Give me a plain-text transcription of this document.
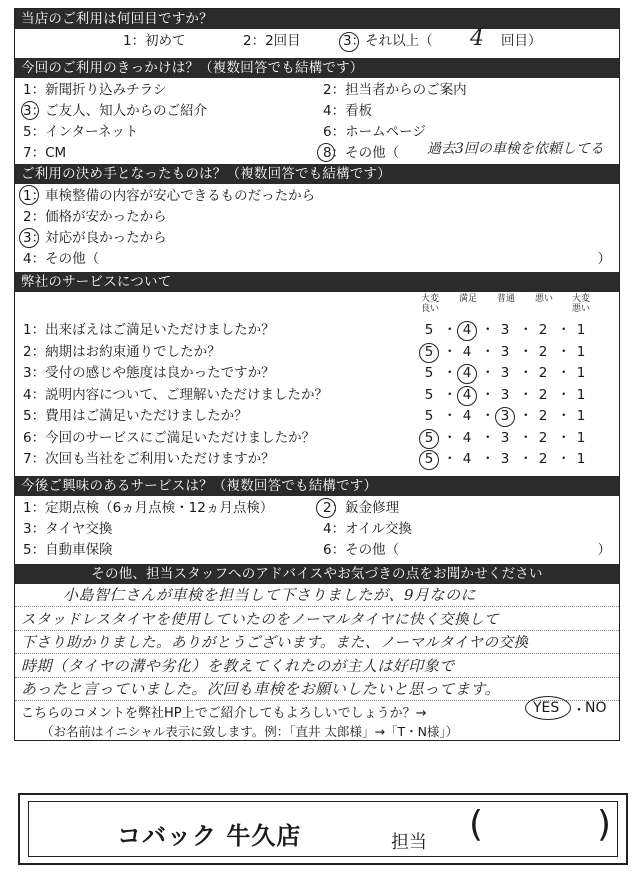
当店のご利用は何回目ですか？
1：初めて	2：2回目	3：それ以上（ 4 回目）
今回のご利用のきっかけは？（複数回答でも結構です）
1：新聞折り込みチラシ	2：担当者からのご案内
3：ご友人、知人からのご紹介	4：看板
5：インターネット	6：ホームページ
7：CM	8：その他（ 過去3回の車検を依頼してる
ご利用の決め手となったものは？（複数回答でも結構です）
1：車検整備の内容が安心できるものだったから
2：価格が安かったから
3：対応が良かったから
4：その他（	）
弊社のサービスについて
大変良い
満足 普通 悪い 大変悪い
1：出来ばえはご満足いただけましたか？	5 ・ 4 ・ 3 ・ 2 ・ 1
2：納期はお約束通りでしたか？	5 ・ 4 ・ 3 ・ 2 ・ 1
3：受付の感じや態度は良かったですか？	5 ・ 4 ・ 3 ・ 2 ・ 1
4：説明内容について、ご理解いただけましたか？	5 ・ 4 ・ 3 ・ 2 ・ 1
5：費用はご満足いただけましたか？	5 ・ 4 ・ 3 ・ 2 ・ 1
6：今回のサービスにご満足いただけましたか？	5 ・ 4 ・ 3 ・ 2 ・ 1
7：次回も当社をご利用いただけますか？	5 ・ 4 ・ 3 ・ 2 ・ 1
今後ご興味のあるサービスは？（複数回答でも結構です）
1：定期点検（6ヵ月点検・12ヵ月点検）	2：鈑金修理
3：タイヤ交換	4：オイル交換
5：自動車保険	6：その他（	）
その他、担当スタッフへのアドバイスやお気づきの点をお聞かせください
小島智仁さんが車検を担当して下さりましたが、9月なのに
スタッドレスタイヤを使用していたのをノーマルタイヤに快く交換して
下さり助かりました。ありがとうございます。また、ノーマルタイヤの交換
時期（タイヤの溝や劣化）を教えてくれたのが主人は好印象で
あったと言っていました。次回も車検をお願いしたいと思ってます。
こちらのコメントを弊社HP上でご紹介してもよろしいでしょうか？→	YES ・ NO
（お名前はイニシャル表示に致します。例：「直井 太郎様」→「T・N様」）
コバック 牛久店	担当 (	)
